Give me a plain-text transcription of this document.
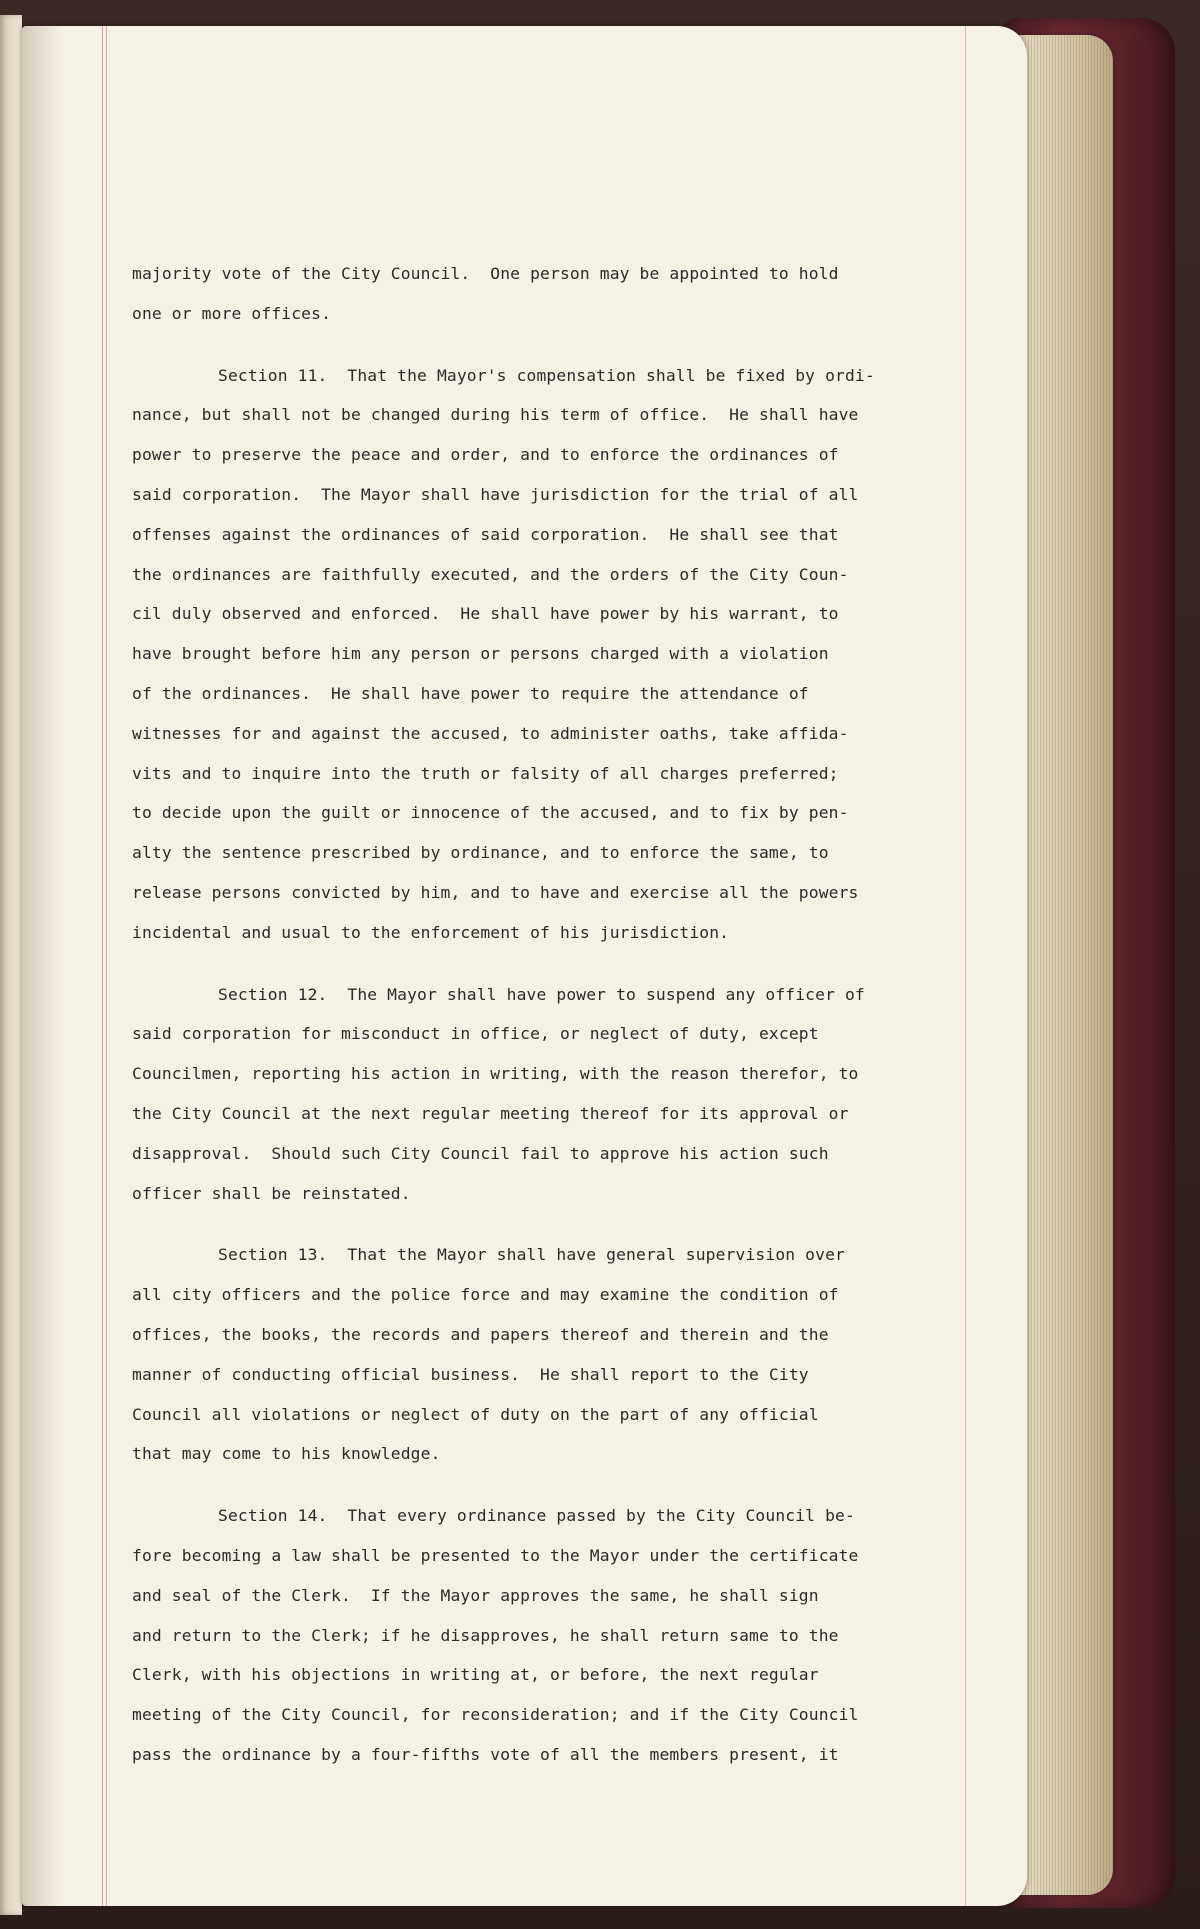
majority vote of the City Council.  One person may be appointed to hold
one or more offices.
Section 11.  That the Mayor's compensation shall be fixed by ordi-
nance, but shall not be changed during his term of office.  He shall have
power to preserve the peace and order, and to enforce the ordinances of
said corporation.  The Mayor shall have jurisdiction for the trial of all
offenses against the ordinances of said corporation.  He shall see that
the ordinances are faithfully executed, and the orders of the City Coun-
cil duly observed and enforced.  He shall have power by his warrant, to
have brought before him any person or persons charged with a violation
of the ordinances.  He shall have power to require the attendance of
witnesses for and against the accused, to administer oaths, take affida-
vits and to inquire into the truth or falsity of all charges preferred;
to decide upon the guilt or innocence of the accused, and to fix by pen-
alty the sentence prescribed by ordinance, and to enforce the same, to
release persons convicted by him, and to have and exercise all the powers
incidental and usual to the enforcement of his jurisdiction.
Section 12.  The Mayor shall have power to suspend any officer of
said corporation for misconduct in office, or neglect of duty, except
Councilmen, reporting his action in writing, with the reason therefor, to
the City Council at the next regular meeting thereof for its approval or
disapproval.  Should such City Council fail to approve his action such
officer shall be reinstated.
Section 13.  That the Mayor shall have general supervision over
all city officers and the police force and may examine the condition of
offices, the books, the records and papers thereof and therein and the
manner of conducting official business.  He shall report to the City
Council all violations or neglect of duty on the part of any official
that may come to his knowledge.
Section 14.  That every ordinance passed by the City Council be-
fore becoming a law shall be presented to the Mayor under the certificate
and seal of the Clerk.  If the Mayor approves the same, he shall sign
and return to the Clerk; if he disapproves, he shall return same to the
Clerk, with his objections in writing at, or before, the next regular
meeting of the City Council, for reconsideration; and if the City Council
pass the ordinance by a four-fifths vote of all the members present, it
